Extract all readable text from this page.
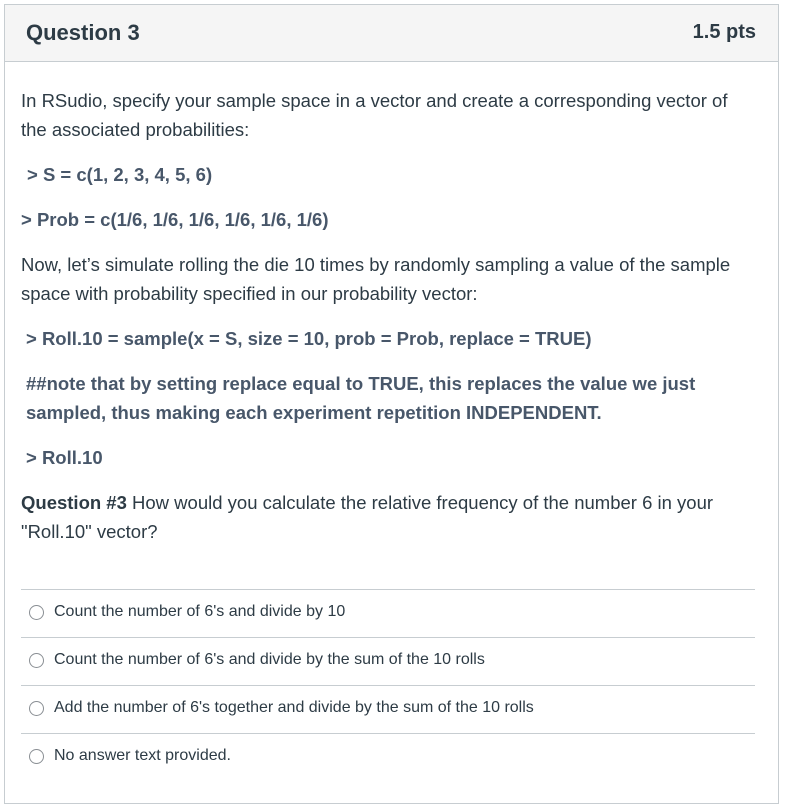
Question 3	1.5 pts

In RSudio, specify your sample space in a vector and create a corresponding vector of the associated probabilities:

> S = c(1, 2, 3, 4, 5, 6)

> Prob = c(1/6, 1/6, 1/6, 1/6, 1/6, 1/6)

Now, let’s simulate rolling the die 10 times by randomly sampling a value of the sample space with probability specified in our probability vector:

> Roll.10 = sample(x = S, size = 10, prob = Prob, replace = TRUE)

##note that by setting replace equal to TRUE, this replaces the value we just sampled, thus making each experiment repetition INDEPENDENT.

> Roll.10

Question #3 How would you calculate the relative frequency of the number 6 in your "Roll.10" vector?

Count the number of 6's and divide by 10
Count the number of 6's and divide by the sum of the 10 rolls
Add the number of 6's together and divide by the sum of the 10 rolls
No answer text provided.
